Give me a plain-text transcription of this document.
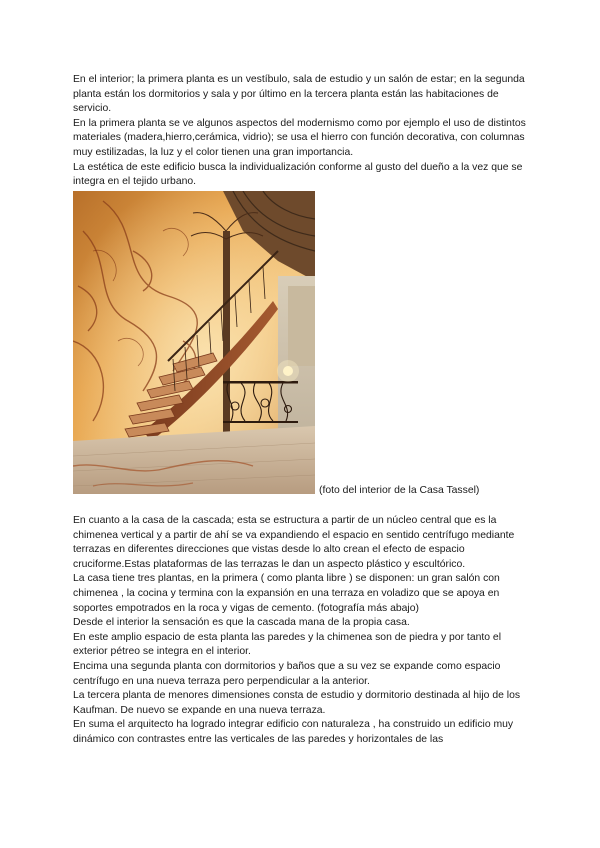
En el interior; la primera planta es un vestíbulo, sala de estudio y un salón de estar; en la segunda planta están los dormitorios y sala y por último en la tercera planta están las habitaciones de servicio.

En la primera planta se ve algunos aspectos del modernismo como por ejemplo el uso de distintos materiales (madera,hierro,cerámica, vidrio); se usa el hierro con función decorativa, con columnas muy estilizadas, la luz y el color tienen una gran importancia.

La estética de este edificio busca la individualización conforme al gusto del dueño a la vez que se integra en el tejido urbano.

(foto del interior de la Casa Tassel)

En cuanto a la casa de la cascada; esta se estructura a partir de un núcleo central que es la chimenea vertical y a partir de ahí se va expandiendo el espacio en sentido centrífugo mediante terrazas en diferentes direcciones que vistas desde lo alto crean el efecto de espacio cruciforme.Estas plataformas de las terrazas le dan un aspecto plástico y escultórico.

La casa tiene tres plantas, en la primera ( como planta libre ) se disponen: un gran salón con chimenea , la cocina y termina con la expansión en una terraza en voladizo que se apoya en soportes empotrados en la roca y vigas de cemento. (fotografía más abajo)

Desde el interior la sensación es que la cascada mana de la propia casa.

En este amplio espacio de esta planta las paredes y la chimenea son de piedra y por tanto el exterior pétreo se integra en el interior.

Encima una segunda planta con dormitorios y baños que a su vez se expande como espacio centrífugo en una nueva terraza pero perpendicular a la anterior.

La tercera planta de menores dimensiones consta de estudio y dormitorio destinada al hijo de los Kaufman. De nuevo se expande en una nueva terraza.

En suma el arquitecto ha logrado integrar edificio con naturaleza , ha construido un edificio muy dinámico con contrastes entre las verticales de las paredes y horizontales de las
